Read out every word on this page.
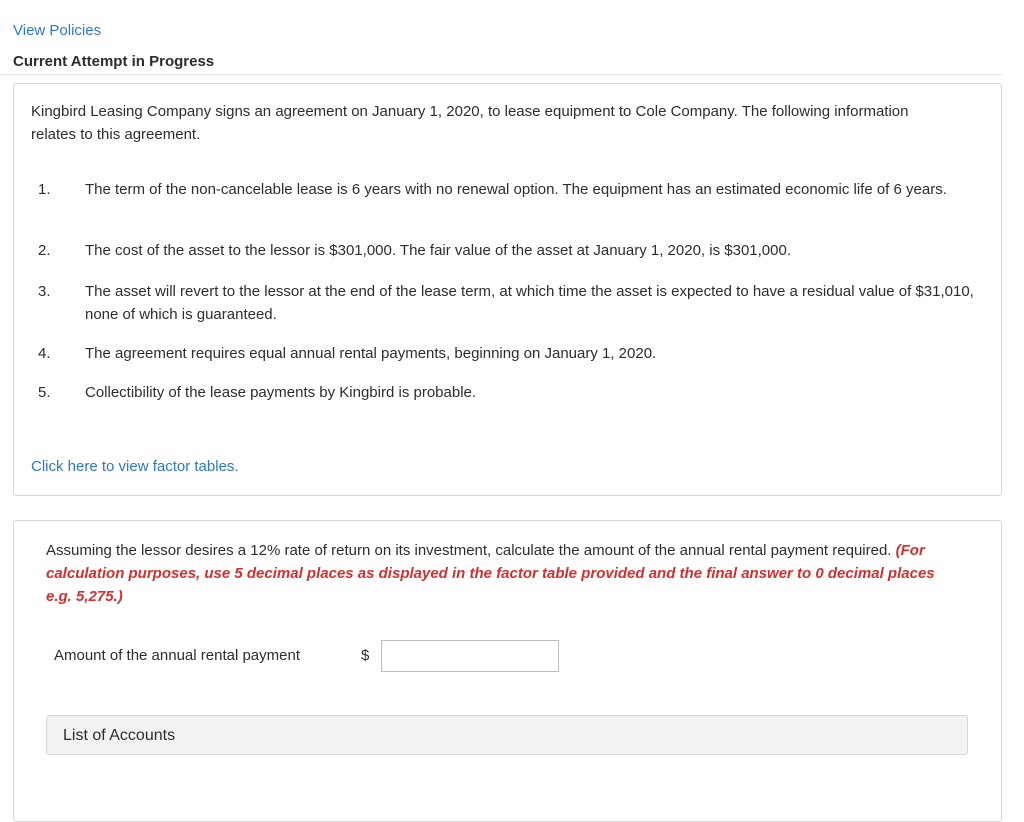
View Policies
Current Attempt in Progress
Kingbird Leasing Company signs an agreement on January 1, 2020, to lease equipment to Cole Company. The following information relates to this agreement.
1. The term of the non-cancelable lease is 6 years with no renewal option. The equipment has an estimated economic life of 6 years.
2. The cost of the asset to the lessor is $301,000. The fair value of the asset at January 1, 2020, is $301,000.
3. The asset will revert to the lessor at the end of the lease term, at which time the asset is expected to have a residual value of $31,010, none of which is guaranteed.
4. The agreement requires equal annual rental payments, beginning on January 1, 2020.
5. Collectibility of the lease payments by Kingbird is probable.
Click here to view factor tables.
Assuming the lessor desires a 12% rate of return on its investment, calculate the amount of the annual rental payment required. (For calculation purposes, use 5 decimal places as displayed in the factor table provided and the final answer to 0 decimal places e.g. 5,275.)
Amount of the annual rental payment	$
List of Accounts
